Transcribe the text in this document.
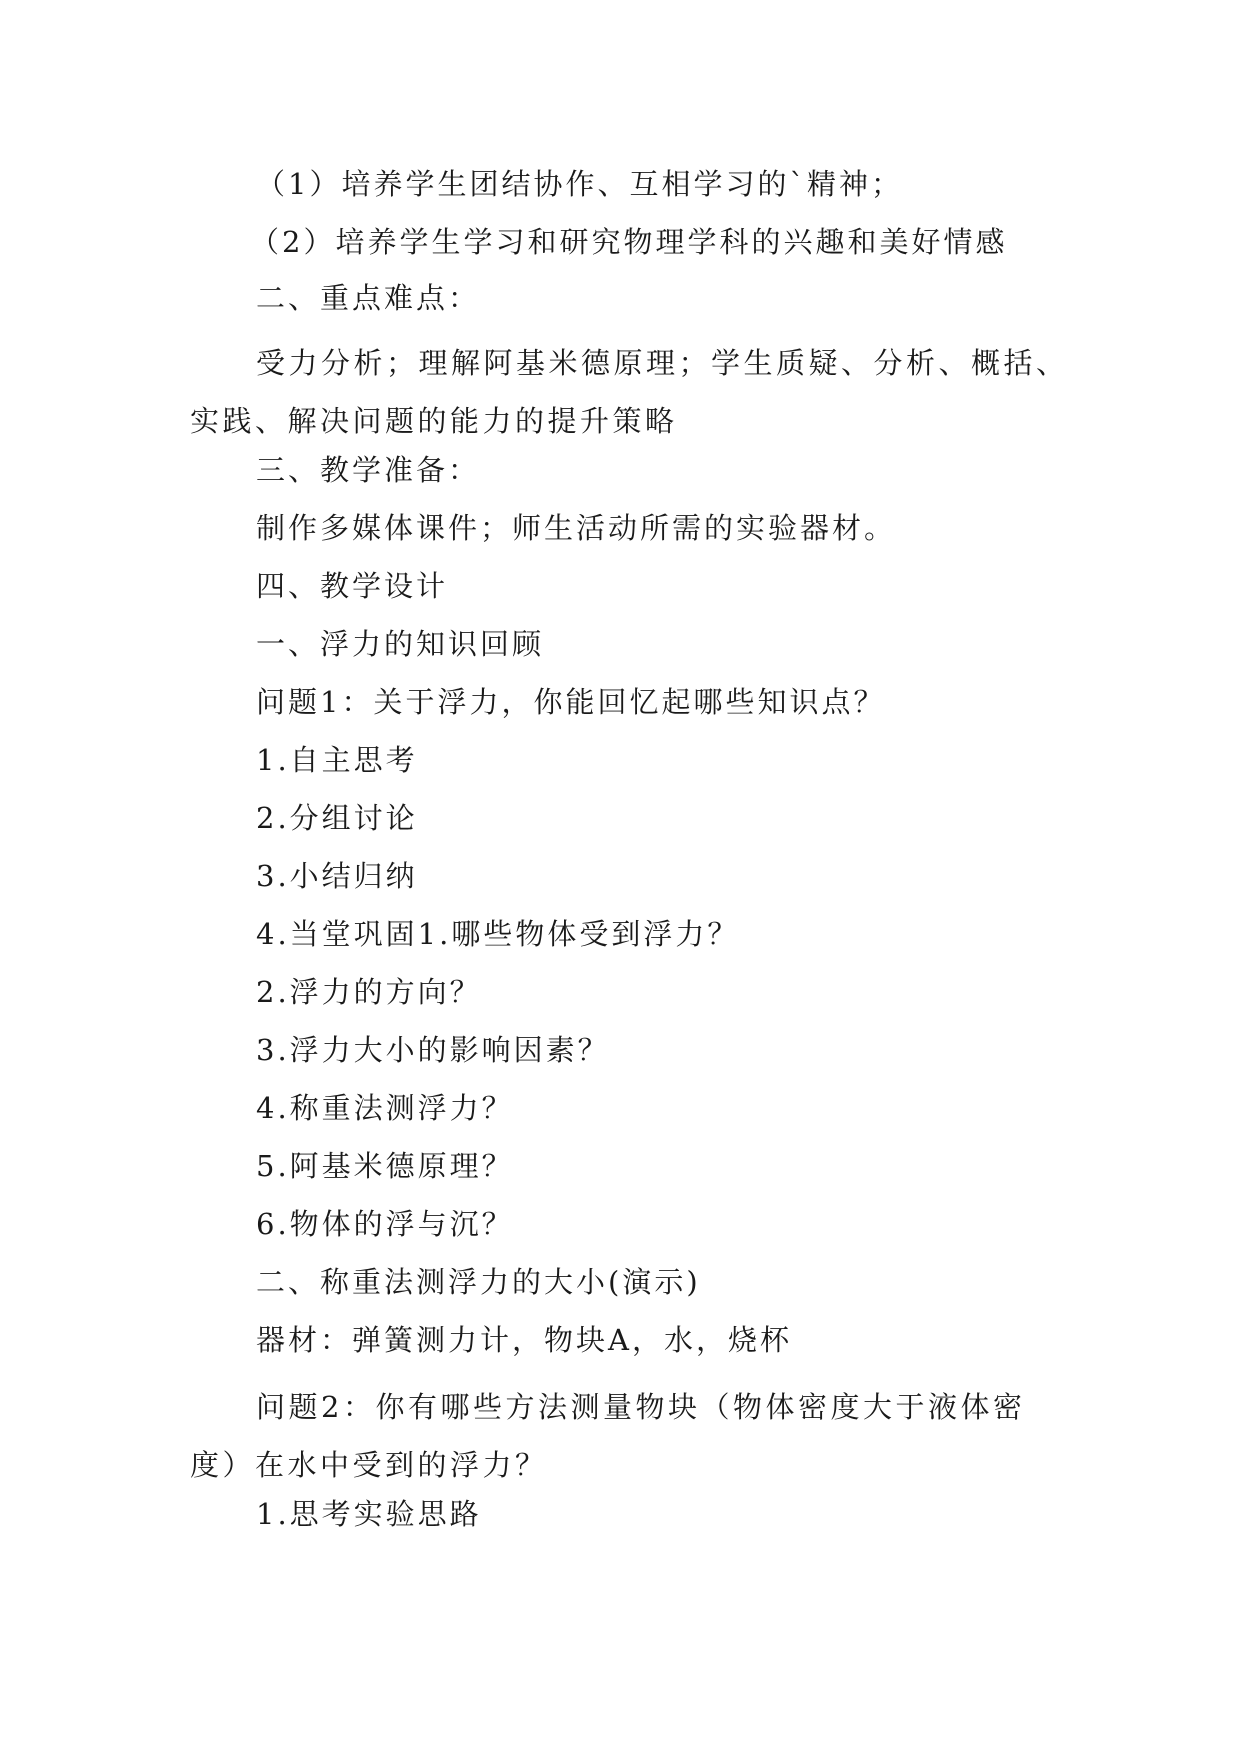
（1）培养学生团结协作、互相学习的`精神；
（2）培养学生学习和研究物理学科的兴趣和美好情感
二、重点难点：
受力分析；理解阿基米德原理；学生质疑、分析、概括、实践、解决问题的能力的提升策略
三、教学准备：
制作多媒体课件；师生活动所需的实验器材。
四、教学设计
一、浮力的知识回顾
问题1：关于浮力，你能回忆起哪些知识点？
1.自主思考
2.分组讨论
3.小结归纳
4.当堂巩固1.哪些物体受到浮力？
2.浮力的方向？
3.浮力大小的影响因素？
4.称重法测浮力？
5.阿基米德原理？
6.物体的浮与沉？
二、称重法测浮力的大小(演示)
器材：弹簧测力计，物块A，水，烧杯
问题2：你有哪些方法测量物块（物体密度大于液体密度）在水中受到的浮力？
1.思考实验思路
